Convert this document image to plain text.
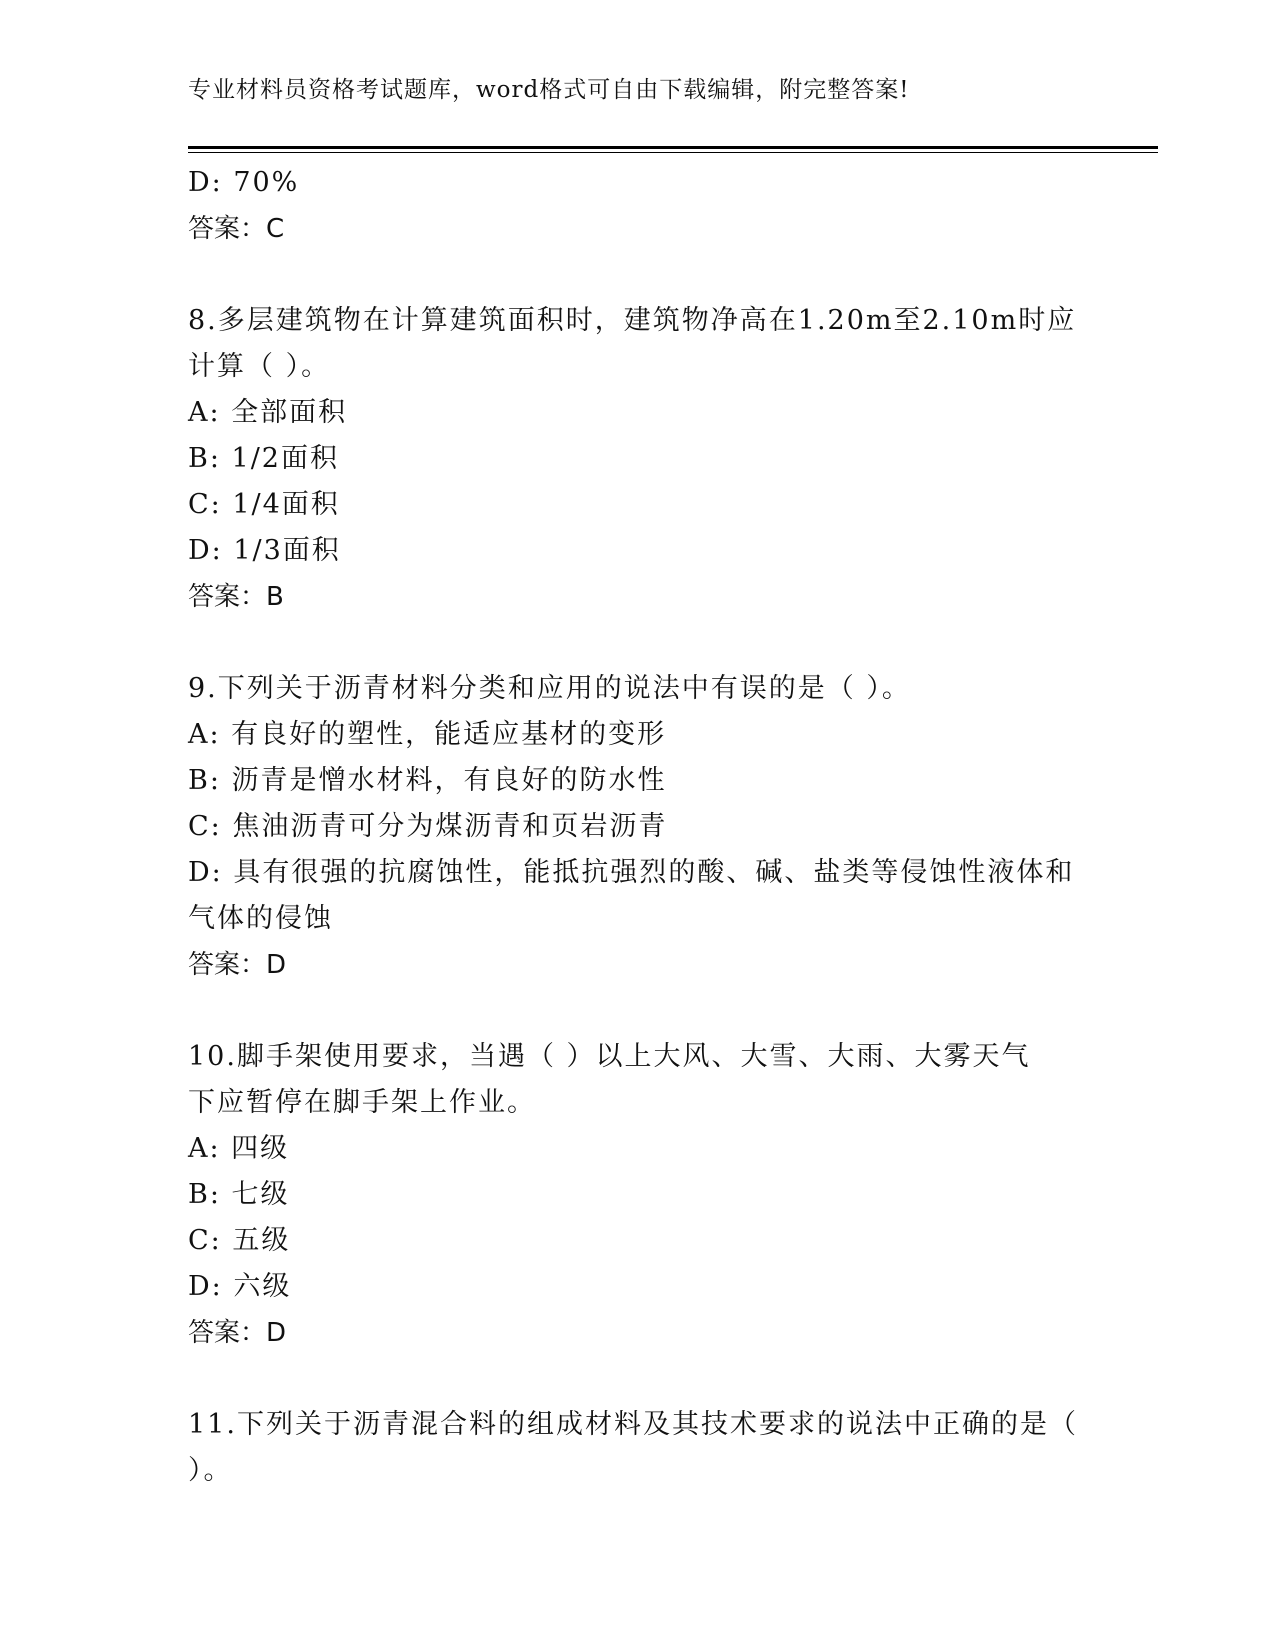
专业材料员资格考试题库，word格式可自由下载编辑，附完整答案!
D: 70%
答案：C
8.多层建筑物在计算建筑面积时，建筑物净高在1.20m至2.10m时应
计算（ ）。
A: 全部面积
B: 1/2面积
C: 1/4面积
D: 1/3面积
答案：B
9.下列关于沥青材料分类和应用的说法中有误的是（ ）。
A: 有良好的塑性，能适应基材的变形
B: 沥青是憎水材料，有良好的防水性
C: 焦油沥青可分为煤沥青和页岩沥青
D: 具有很强的抗腐蚀性，能抵抗强烈的酸、碱、盐类等侵蚀性液体和
气体的侵蚀
答案：D
10.脚手架使用要求，当遇（ ）以上大风、大雪、大雨、大雾天气
下应暂停在脚手架上作业。
A: 四级
B: 七级
C: 五级
D: 六级
答案：D
11.下列关于沥青混合料的组成材料及其技术要求的说法中正确的是（
）。
